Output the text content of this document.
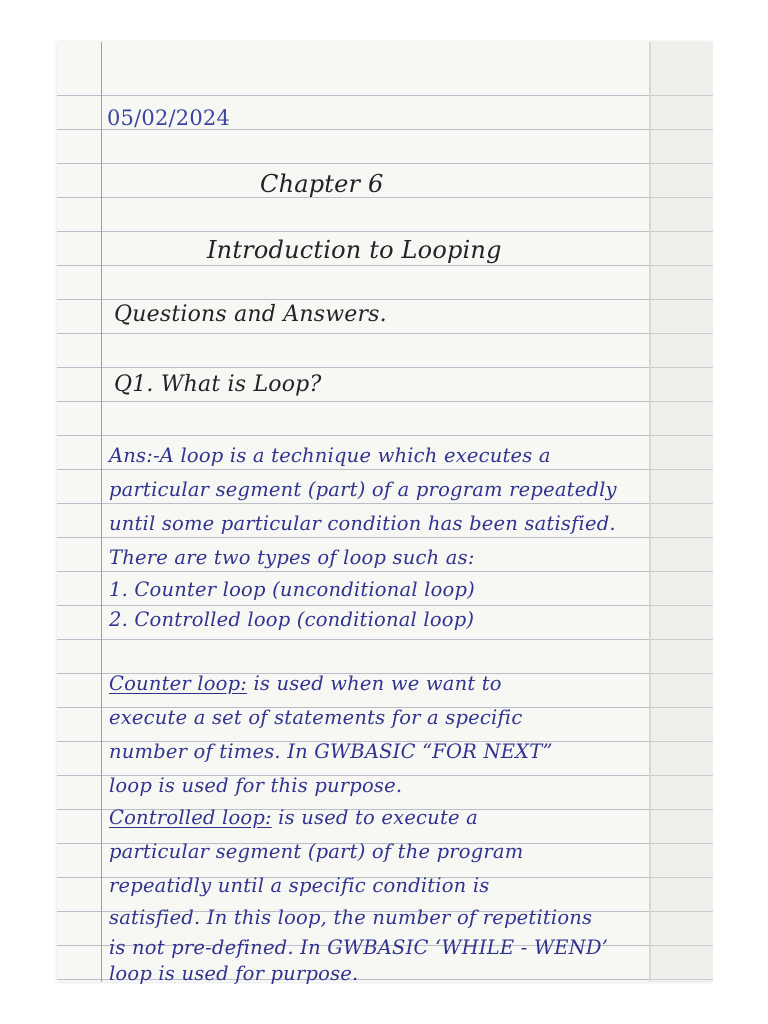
05/02/2024
Chapter 6
Introduction to Looping
Questions and Answers.
Q1. What is Loop?
Ans:-A loop is a technique which executes a
particular segment (part) of a program repeatedly
until some particular condition has been satisfied.
There are two types of loop such as:
1. Counter loop (unconditional loop)
2. Controlled loop (conditional loop)
Counter loop: is used when we want to
execute a set of statements for a specific
number of times. In GWBASIC “FOR NEXT”
loop is used for this purpose.
Controlled loop: is used to execute a
particular segment (part) of the program
repeatidly until a specific condition is
satisfied. In this loop, the number of repetitions
is not pre-defined. In GWBASIC ‘WHILE - WEND’
loop is used for purpose.
